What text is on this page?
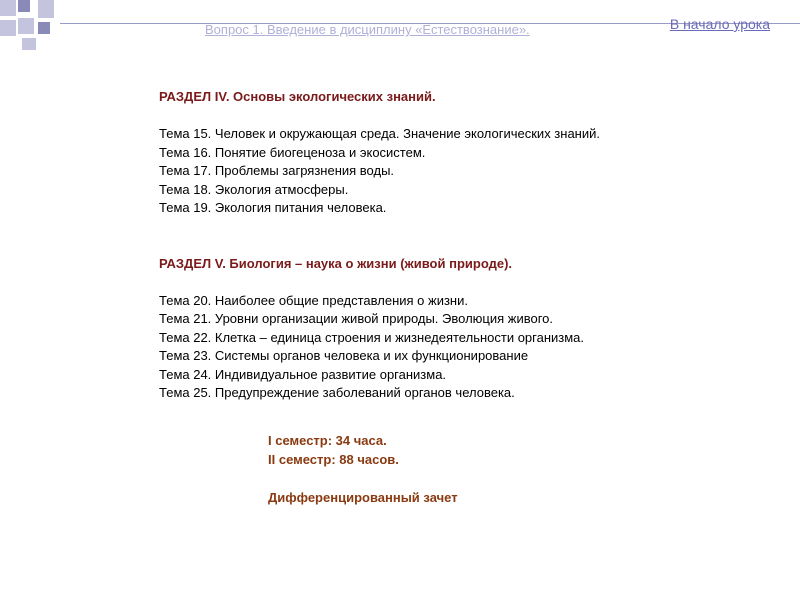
Вопрос 1. Введение в дисциплину «Естествознание».	В начало урока

РАЗДЕЛ IV. Основы экологических знаний.

Тема 15. Человек и окружающая среда. Значение экологических знаний.

Тема 16. Понятие биогеценоза и экосистем.

Тема 17. Проблемы загрязнения воды.

Тема 18. Экология атмосферы.

Тема 19. Экология питания человека.

РАЗДЕЛ V. Биология – наука о жизни (живой природе).

Тема 20. Наиболее общие представления о жизни.

Тема 21. Уровни организации живой природы. Эволюция живого.

Тема 22. Клетка – единица строения и жизнедеятельности организма.

Тема 23. Системы органов человека и их функционирование

Тема 24. Индивидуальное развитие организма.

Тема 25. Предупреждение заболеваний органов человека.

I семестр: 34 часа.
II семестр: 88 часов.
Дифференцированный зачет
